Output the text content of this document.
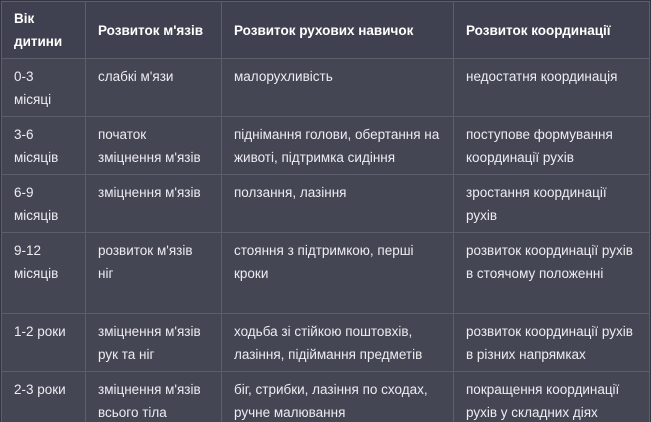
Вік дитини	Розвиток м'язів	Розвиток рухових навичок	Розвиток координації
0-3 місяці	слабкі м'язи	малорухливість	недостатня координація
3-6 місяців	початок зміцнення м'язів	піднімання голови, обертання на животі, підтримка сидіння	поступове формування координації рухів
6-9 місяців	зміцнення м'язів	ползання, лазіння	зростання координації рухів
9-12 місяців	розвиток м'язів ніг	стояння з підтримкою, перші кроки	розвиток координації рухів в стоячому положенні
1-2 роки	зміцнення м'язів рук та ніг	ходьба зі стійкою поштовхів, лазіння, підіймання предметів	розвиток координації рухів в різних напрямках
2-3 роки	зміцнення м'язів всього тіла	біг, стрибки, лазіння по сходах, ручне малювання	покращення координації рухів у складних діях
